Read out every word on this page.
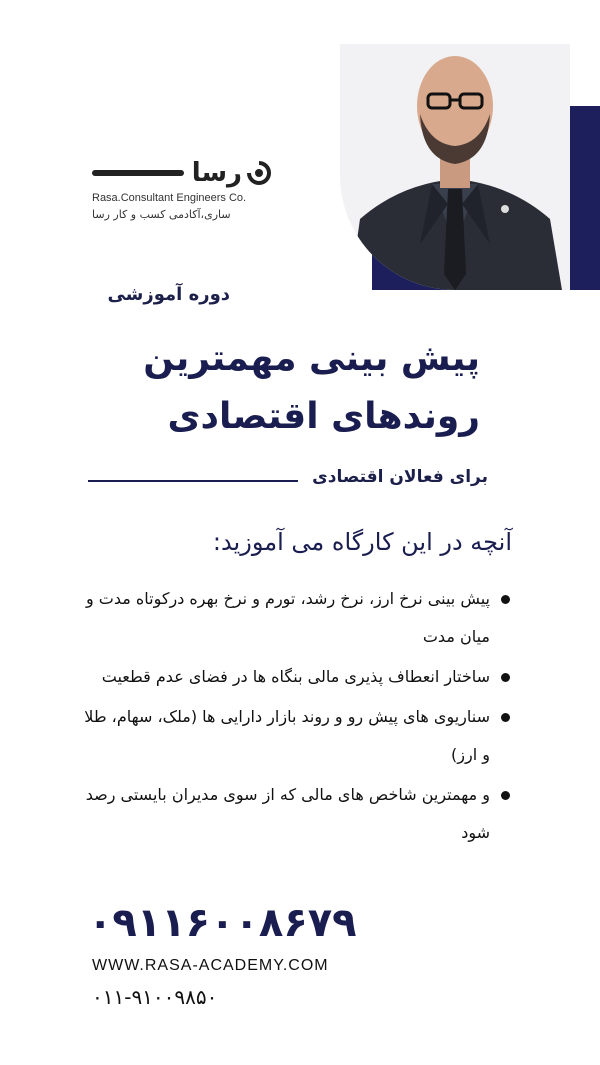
رسا
Rasa.Consultant Engineers Co.
ساری،آکادمی کسب و کار رسا
دوره آموزشی
پیش بینی مهمترین
روندهای اقتصادی
برای فعالان اقتصادی
آنچه در این کارگاه می آموزید:
پیش بینی نرخ ارز، نرخ رشد، تورم و نرخ بهره درکوتاه مدت و میان مدت
ساختار انعطاف پذیری مالی بنگاه ها در فضای عدم قطعیت
سناریوی های پیش رو و روند بازار دارایی ها (ملک، سهام، طلا و ارز)
و مهمترین شاخص های مالی که از سوی مدیران بایستی رصد شود
۰۹۱۱۶۰۰۸۶۷۹
WWW.RASA-ACADEMY.COM
۰۱۱-۹۱۰۰۹۸۵۰
